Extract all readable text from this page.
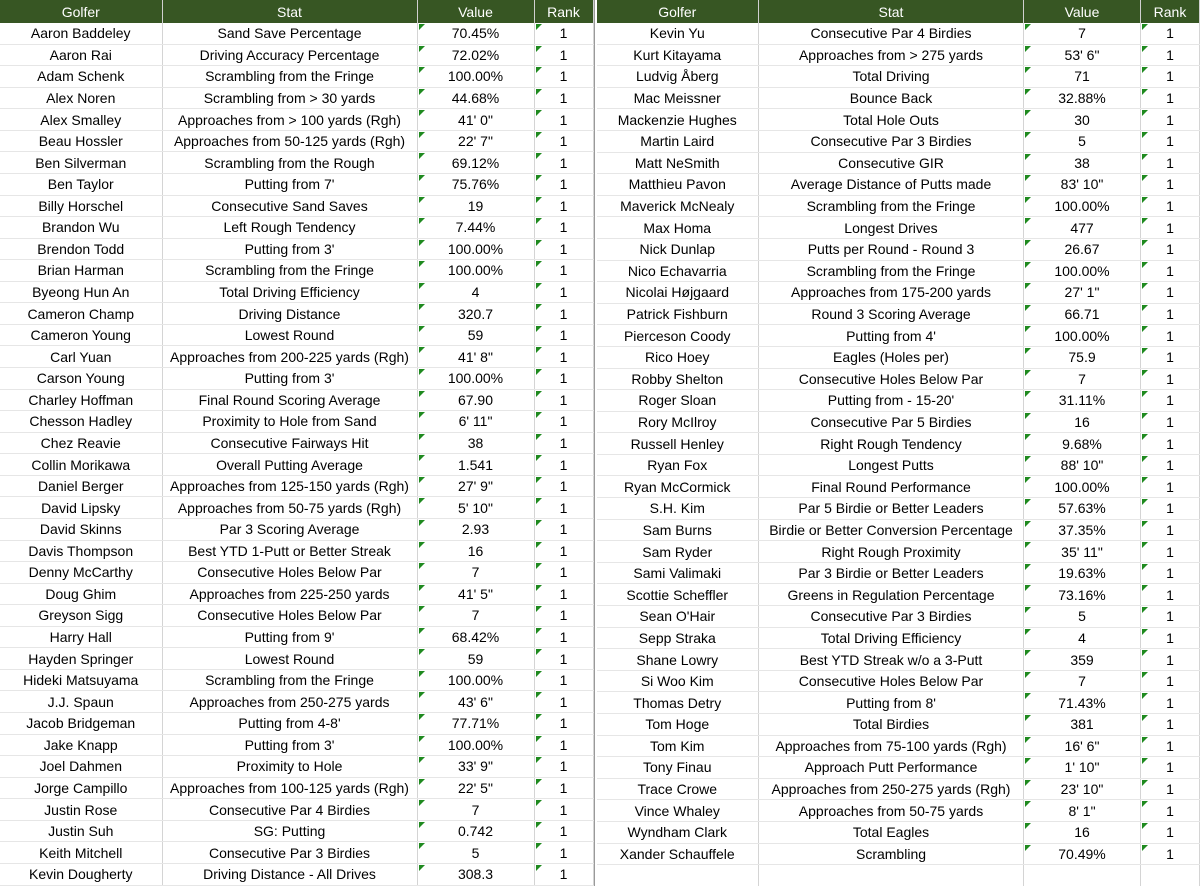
Golfer	Stat	Value	Rank
Aaron Baddeley	Sand Save Percentage	70.45%	1
Aaron Rai	Driving Accuracy Percentage	72.02%	1
Adam Schenk	Scrambling from the Fringe	100.00%	1
Alex Noren	Scrambling from > 30 yards	44.68%	1
Alex Smalley	Approaches from > 100 yards (Rgh)	41' 0"	1
Beau Hossler	Approaches from 50-125 yards (Rgh)	22' 7"	1
Ben Silverman	Scrambling from the Rough	69.12%	1
Ben Taylor	Putting from 7'	75.76%	1
Billy Horschel	Consecutive Sand Saves	19	1
Brandon Wu	Left Rough Tendency	7.44%	1
Brendon Todd	Putting from 3'	100.00%	1
Brian Harman	Scrambling from the Fringe	100.00%	1
Byeong Hun An	Total Driving Efficiency	4	1
Cameron Champ	Driving Distance	320.7	1
Cameron Young	Lowest Round	59	1
Carl Yuan	Approaches from 200-225 yards (Rgh)	41' 8"	1
Carson Young	Putting from 3'	100.00%	1
Charley Hoffman	Final Round Scoring Average	67.90	1
Chesson Hadley	Proximity to Hole from Sand	6' 11"	1
Chez Reavie	Consecutive Fairways Hit	38	1
Collin Morikawa	Overall Putting Average	1.541	1
Daniel Berger	Approaches from 125-150 yards (Rgh)	27' 9"	1
David Lipsky	Approaches from 50-75 yards (Rgh)	5' 10"	1
David Skinns	Par 3 Scoring Average	2.93	1
Davis Thompson	Best YTD 1-Putt or Better Streak	16	1
Denny McCarthy	Consecutive Holes Below Par	7	1
Doug Ghim	Approaches from 225-250 yards	41' 5"	1
Greyson Sigg	Consecutive Holes Below Par	7	1
Harry Hall	Putting from 9'	68.42%	1
Hayden Springer	Lowest Round	59	1
Hideki Matsuyama	Scrambling from the Fringe	100.00%	1
J.J. Spaun	Approaches from 250-275 yards	43' 6"	1
Jacob Bridgeman	Putting from 4-8'	77.71%	1
Jake Knapp	Putting from 3'	100.00%	1
Joel Dahmen	Proximity to Hole	33' 9"	1
Jorge Campillo	Approaches from 100-125 yards (Rgh)	22' 5"	1
Justin Rose	Consecutive Par 4 Birdies	7	1
Justin Suh	SG: Putting	0.742	1
Keith Mitchell	Consecutive Par 3 Birdies	5	1
Kevin Dougherty	Driving Distance - All Drives	308.3	1
Golfer	Stat	Value	Rank
Kevin Yu	Consecutive Par 4 Birdies	7	1
Kurt Kitayama	Approaches from > 275 yards	53' 6"	1
Ludvig Åberg	Total Driving	71	1
Mac Meissner	Bounce Back	32.88%	1
Mackenzie Hughes	Total Hole Outs	30	1
Martin Laird	Consecutive Par 3 Birdies	5	1
Matt NeSmith	Consecutive GIR	38	1
Matthieu Pavon	Average Distance of Putts made	83' 10"	1
Maverick McNealy	Scrambling from the Fringe	100.00%	1
Max Homa	Longest Drives	477	1
Nick Dunlap	Putts per Round - Round 3	26.67	1
Nico Echavarria	Scrambling from the Fringe	100.00%	1
Nicolai Højgaard	Approaches from 175-200 yards	27' 1"	1
Patrick Fishburn	Round 3 Scoring Average	66.71	1
Pierceson Coody	Putting from 4'	100.00%	1
Rico Hoey	Eagles (Holes per)	75.9	1
Robby Shelton	Consecutive Holes Below Par	7	1
Roger Sloan	Putting from - 15-20'	31.11%	1
Rory McIlroy	Consecutive Par 5 Birdies	16	1
Russell Henley	Right Rough Tendency	9.68%	1
Ryan Fox	Longest Putts	88' 10"	1
Ryan McCormick	Final Round Performance	100.00%	1
S.H. Kim	Par 5 Birdie or Better Leaders	57.63%	1
Sam Burns	Birdie or Better Conversion Percentage	37.35%	1
Sam Ryder	Right Rough Proximity	35' 11"	1
Sami Valimaki	Par 3 Birdie or Better Leaders	19.63%	1
Scottie Scheffler	Greens in Regulation Percentage	73.16%	1
Sean O'Hair	Consecutive Par 3 Birdies	5	1
Sepp Straka	Total Driving Efficiency	4	1
Shane Lowry	Best YTD Streak w/o a 3-Putt	359	1
Si Woo Kim	Consecutive Holes Below Par	7	1
Thomas Detry	Putting from 8'	71.43%	1
Tom Hoge	Total Birdies	381	1
Tom Kim	Approaches from 75-100 yards (Rgh)	16' 6"	1
Tony Finau	Approach Putt Performance	1' 10"	1
Trace Crowe	Approaches from 250-275 yards (Rgh)	23' 10"	1
Vince Whaley	Approaches from 50-75 yards	8' 1"	1
Wyndham Clark	Total Eagles	16	1
Xander Schauffele	Scrambling	70.49%	1
